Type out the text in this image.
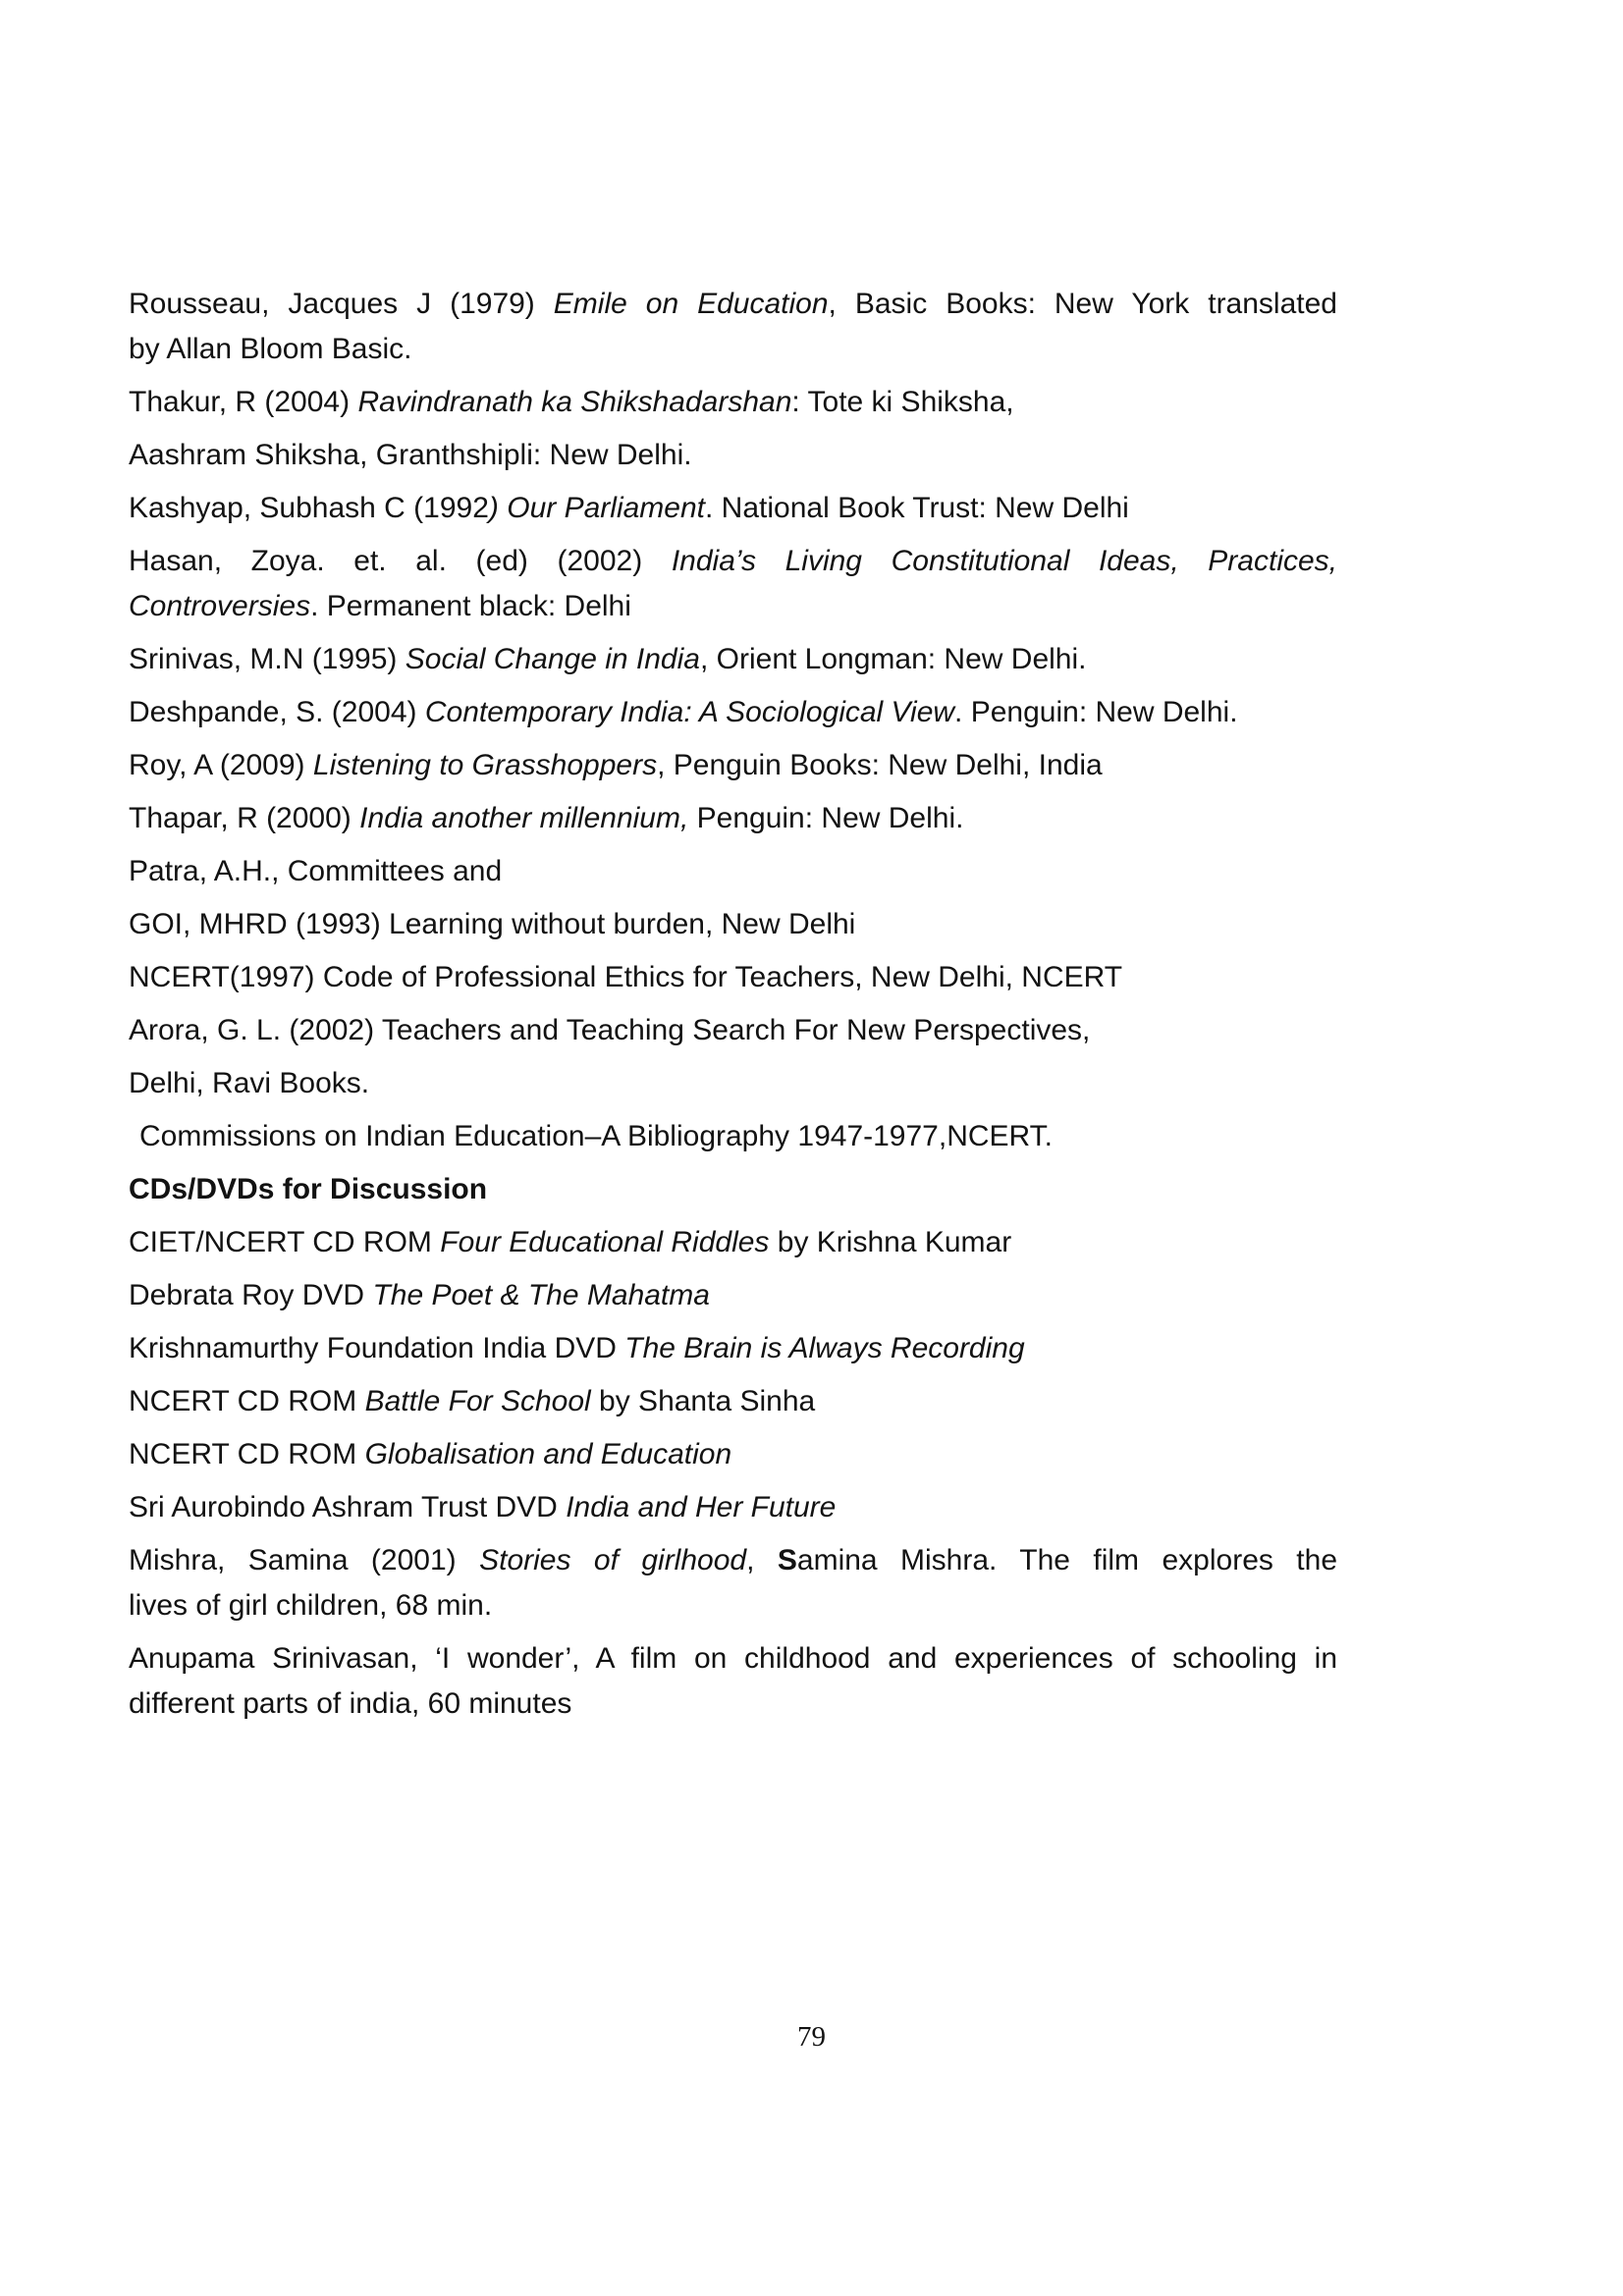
Rousseau, Jacques J (1979) Emile on Education, Basic Books: New York translated
by Allan Bloom Basic.

Thakur, R (2004) Ravindranath ka Shikshadarshan: Tote ki Shiksha,

Aashram Shiksha, Granthshipli: New Delhi.

Kashyap, Subhash C (1992) Our Parliament. National Book Trust: New Delhi

Hasan, Zoya. et. al. (ed) (2002) India’s Living Constitutional Ideas, Practices,
Controversies. Permanent black: Delhi

Srinivas, M.N (1995) Social Change in India, Orient Longman: New Delhi.

Deshpande, S. (2004) Contemporary India: A Sociological View. Penguin: New Delhi.

Roy, A (2009) Listening to Grasshoppers, Penguin Books: New Delhi, India

Thapar, R (2000) India another millennium, Penguin: New Delhi.

Patra, A.H., Committees and

GOI, MHRD (1993) Learning without burden, New Delhi

NCERT(1997) Code of Professional Ethics for Teachers, New Delhi, NCERT

Arora, G. L. (2002) Teachers and Teaching Search For New Perspectives,

Delhi, Ravi Books.

Commissions on Indian Education–A Bibliography 1947-1977,NCERT.

CDs/DVDs for Discussion

CIET/NCERT CD ROM Four Educational Riddles by Krishna Kumar

Debrata Roy DVD The Poet & The Mahatma

Krishnamurthy Foundation India DVD The Brain is Always Recording

NCERT CD ROM Battle For School by Shanta Sinha

NCERT CD ROM Globalisation and Education

Sri Aurobindo Ashram Trust DVD India and Her Future

Mishra, Samina (2001) Stories of girlhood, Samina Mishra. The film explores the
lives of girl children, 68 min.

Anupama Srinivasan, ‘I wonder’, A film on childhood and experiences of schooling in
different parts of india, 60 minutes

79
